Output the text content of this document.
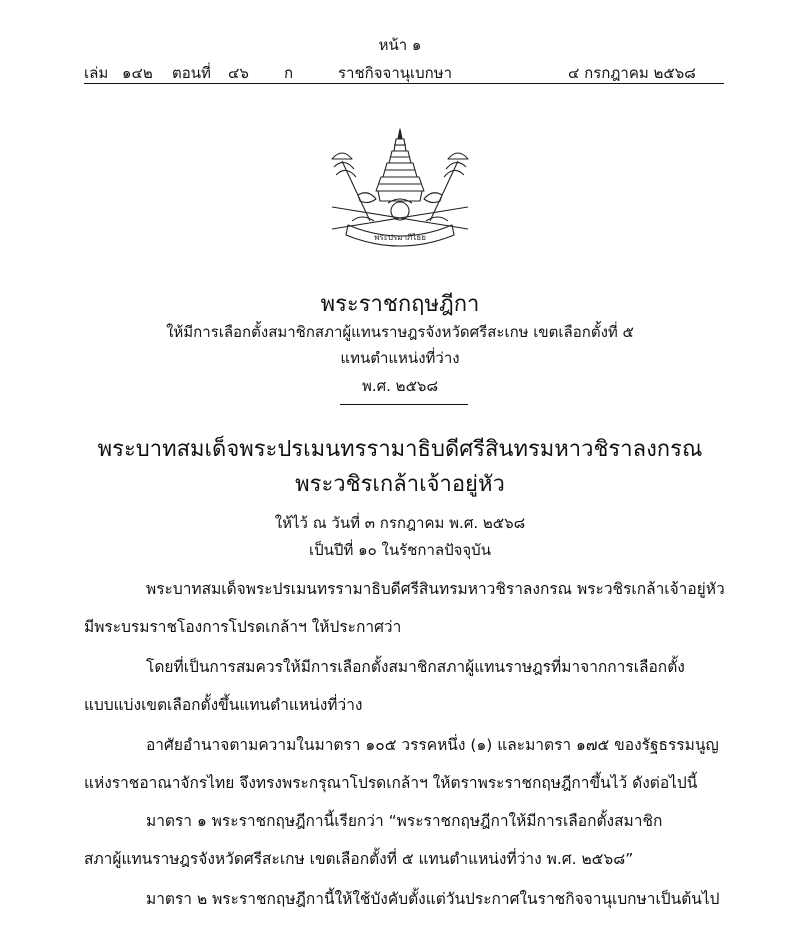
หน้า ๑
เล่ม ๑๔๒ ตอนที่ ๔๖ ก	ราชกิจจานุเบกษา	๔ กรกฎาคม ๒๕๖๘
พระปรมาภิไธย
พระราชกฤษฎีกา
ให้มีการเลือกตั้งสมาชิกสภาผู้แทนราษฎรจังหวัดศรีสะเกษ เขตเลือกตั้งที่ ๕
แทนตำแหน่งที่ว่าง
พ.ศ. ๒๕๖๘
พระบาทสมเด็จพระปรเมนทรรามาธิบดีศรีสินทรมหาวชิราลงกรณ
พระวชิรเกล้าเจ้าอยู่หัว
ให้ไว้ ณ วันที่ ๓ กรกฎาคม พ.ศ. ๒๕๖๘
เป็นปีที่ ๑๐ ในรัชกาลปัจจุบัน
พระบาทสมเด็จพระปรเมนทรรามาธิบดีศรีสินทรมหาวชิราลงกรณ พระวชิรเกล้าเจ้าอยู่หัว
มีพระบรมราชโองการโปรดเกล้าฯ ให้ประกาศว่า
โดยที่เป็นการสมควรให้มีการเลือกตั้งสมาชิกสภาผู้แทนราษฎรที่มาจากการเลือกตั้ง
แบบแบ่งเขตเลือกตั้งขึ้นแทนตำแหน่งที่ว่าง
อาศัยอำนาจตามความในมาตรา ๑๐๕ วรรคหนึ่ง (๑) และมาตรา ๑๗๕ ของรัฐธรรมนูญ
แห่งราชอาณาจักรไทย จึงทรงพระกรุณาโปรดเกล้าฯ ให้ตราพระราชกฤษฎีกาขึ้นไว้ ดังต่อไปนี้
มาตรา ๑ พระราชกฤษฎีกานี้เรียกว่า “พระราชกฤษฎีกาให้มีการเลือกตั้งสมาชิก
สภาผู้แทนราษฎรจังหวัดศรีสะเกษ เขตเลือกตั้งที่ ๕ แทนตำแหน่งที่ว่าง พ.ศ. ๒๕๖๘”
มาตรา ๒ พระราชกฤษฎีกานี้ให้ใช้บังคับตั้งแต่วันประกาศในราชกิจจานุเบกษาเป็นต้นไป
